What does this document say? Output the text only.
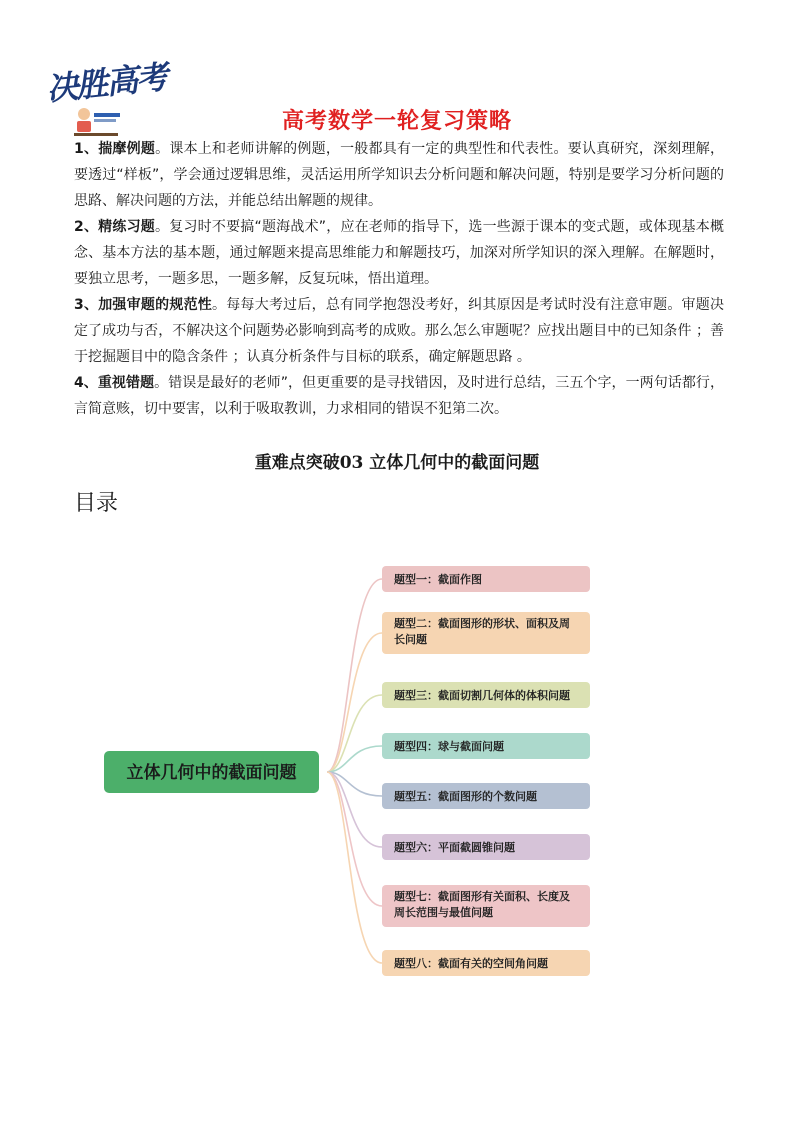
决胜高考
高考数学一轮复习策略

1、揣摩例题。课本上和老师讲解的例题，一般都具有一定的典型性和代表性。要认真研究，深刻理解，要透过“样板”，学会通过逻辑思维，灵活运用所学知识去分析问题和解决问题，特别是要学习分析问题的思路、解决问题的方法，并能总结出解题的规律。

2、精练习题。复习时不要搞“题海战术”，应在老师的指导下，选一些源于课本的变式题，或体现基本概念、基本方法的基本题，通过解题来提高思维能力和解题技巧，加深对所学知识的深入理解。在解题时，要独立思考，一题多思，一题多解，反复玩味，悟出道理。

3、加强审题的规范性。每每大考过后，总有同学抱怨没考好，纠其原因是考试时没有注意审题。审题决定了成功与否，不解决这个问题势必影响到高考的成败。那么怎么审题呢？应找出题目中的已知条件 ；善于挖掘题目中的隐含条件 ；认真分析条件与目标的联系，确定解题思路 。

4、重视错题。错误是最好的老师”，但更重要的是寻找错因，及时进行总结，三五个字，一两句话都行，言简意赅，切中要害，以利于吸取教训，力求相同的错误不犯第二次。

重难点突破03 立体几何中的截面问题
目录
立体几何中的截面问题
题型一：截面作图
题型二：截面图形的形状、面积及周
长问题
题型三：截面切割几何体的体积问题
题型四：球与截面问题
题型五：截面图形的个数问题
题型六：平面截圆锥问题
题型七：截面图形有关面积、长度及
周长范围与最值问题
题型八：截面有关的空间角问题
